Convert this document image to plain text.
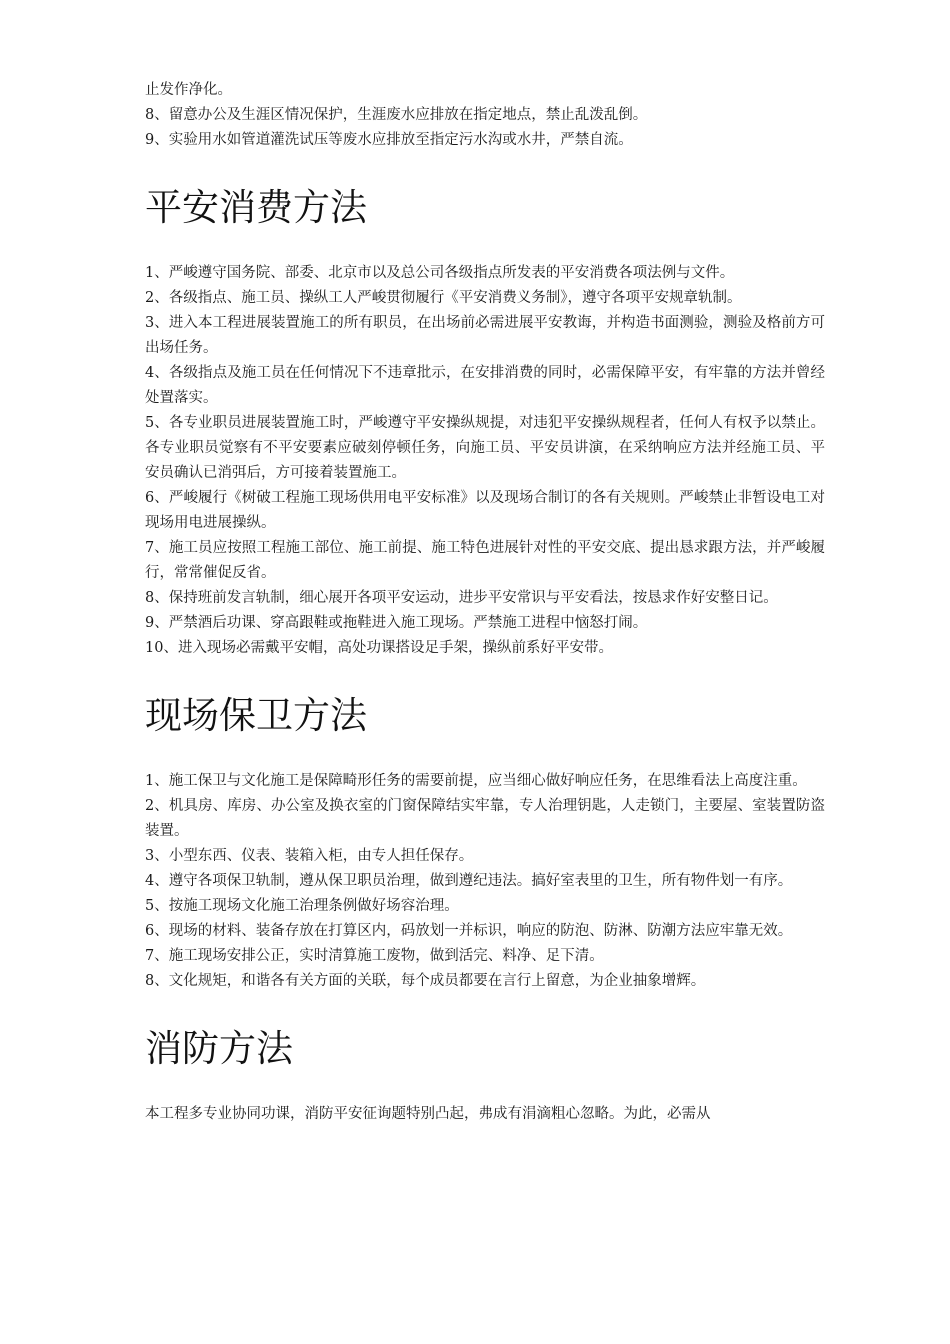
止发作净化。

8、留意办公及生涯区情况保护，生涯废水应排放在指定地点，禁止乱泼乱倒。

9、实验用水如管道灌洗试压等废水应排放至指定污水沟或水井，严禁自流。

平安消费方法

1、严峻遵守国务院、部委、北京市以及总公司各级指点所发表的平安消费各项法例与文件。

2、各级指点、施工员、操纵工人严峻贯彻履行《平安消费义务制》，遵守各项平安规章轨制。

3、进入本工程进展装置施工的所有职员，在出场前必需进展平安教诲，并构造书面测验，测验及格前方可出场任务。

4、各级指点及施工员在任何情况下不违章批示，在安排消费的同时，必需保障平安，有牢靠的方法并曾经处置落实。

5、各专业职员进展装置施工时，严峻遵守平安操纵规提，对违犯平安操纵规程者，任何人有权予以禁止。各专业职员觉察有不平安要素应破刻停顿任务，向施工员、平安员讲演，在采纳响应方法并经施工员、平安员确认已消弭后，方可接着装置施工。

6、严峻履行《树破工程施工现场供用电平安标准》以及现场合制订的各有关规则。严峻禁止非暂设电工对现场用电进展操纵。

7、施工员应按照工程施工部位、施工前提、施工特色进展针对性的平安交底、提出恳求跟方法，并严峻履行，常常催促反省。

8、保持班前发言轨制，细心展开各项平安运动，进步平安常识与平安看法，按恳求作好安整日记。

9、严禁酒后功课、穿高跟鞋或拖鞋进入施工现场。严禁施工进程中恼怒打闹。

10、进入现场必需戴平安帽，高处功课搭设足手架，操纵前系好平安带。

现场保卫方法

1、施工保卫与文化施工是保障畸形任务的需要前提，应当细心做好响应任务，在思维看法上高度注重。

2、机具房、库房、办公室及换衣室的门窗保障结实牢靠，专人治理钥匙，人走锁门，主要屋、室装置防盗装置。

3、小型东西、仪表、装箱入柜，由专人担任保存。

4、遵守各项保卫轨制，遵从保卫职员治理，做到遵纪违法。搞好室表里的卫生，所有物件划一有序。

5、按施工现场文化施工治理条例做好场容治理。

6、现场的材料、装备存放在打算区内，码放划一并标识，响应的防泡、防淋、防潮方法应牢靠无效。

7、施工现场安排公正，实时清算施工废物，做到活完、料净、足下清。

8、文化规矩，和谐各有关方面的关联，每个成员都要在言行上留意，为企业抽象增辉。

消防方法

本工程多专业协同功课，消防平安征询题特别凸起，弗成有涓滴粗心忽略。为此，必需从
